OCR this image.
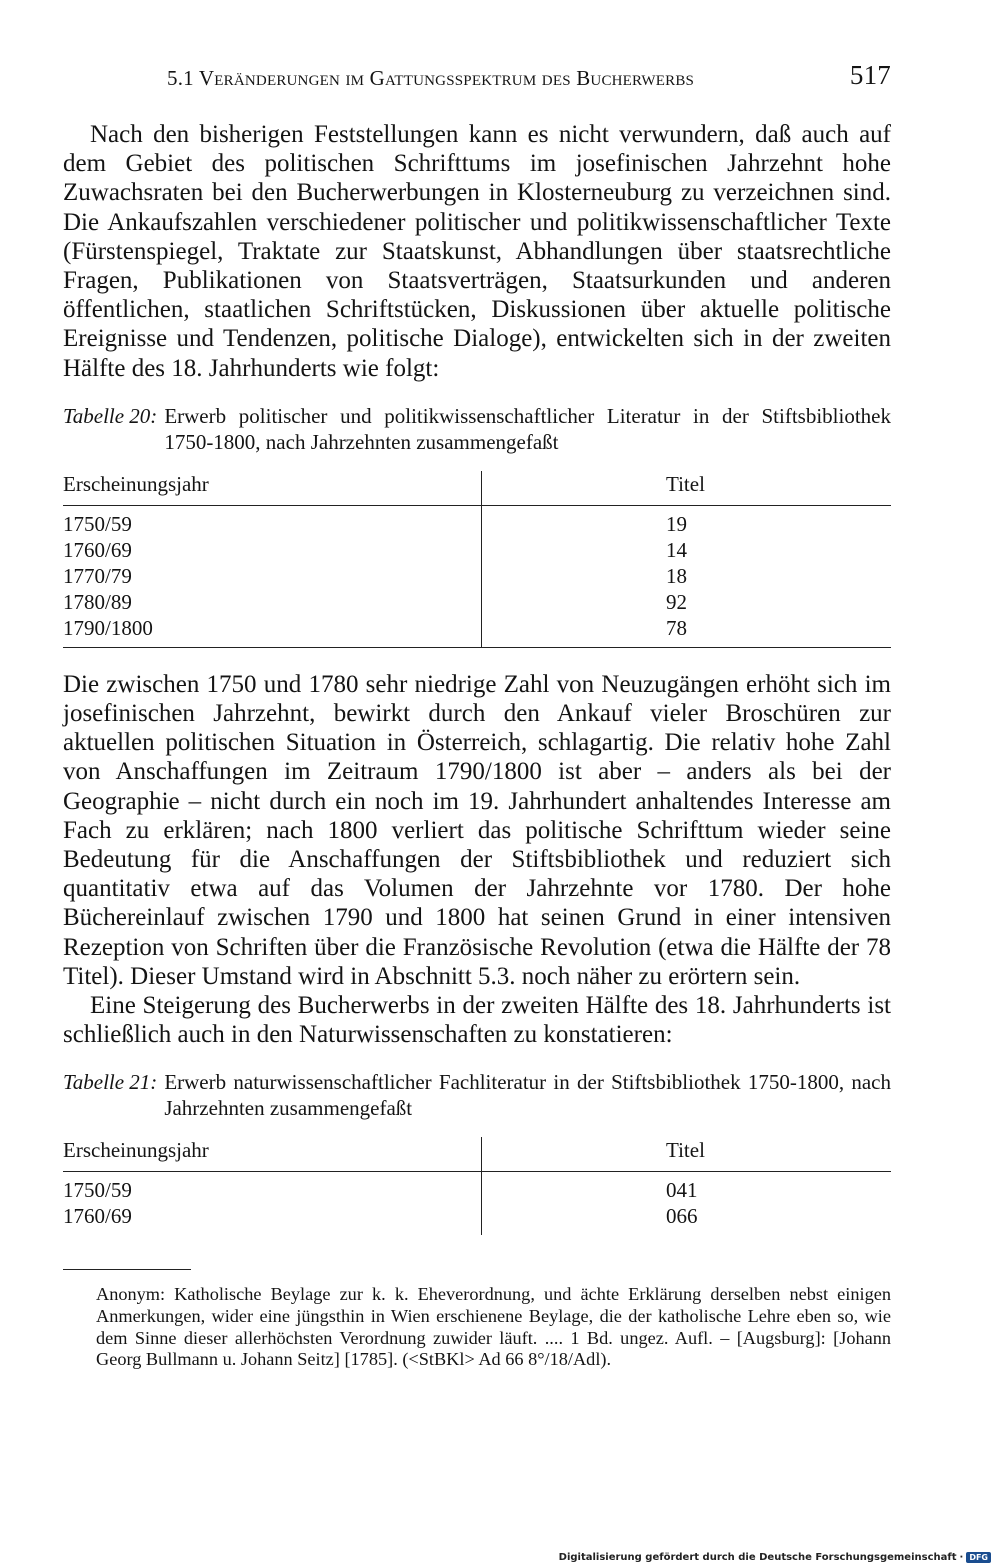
5.1 Veränderungen im Gattungsspektrum des Bucherwerbs	517

Nach den bisherigen Feststellungen kann es nicht verwundern, daß auch auf dem Gebiet des politischen Schrifttums im josefinischen Jahrzehnt hohe Zuwachsraten bei den Bucherwerbungen in Klosterneuburg zu verzeichnen sind. Die Ankaufszahlen verschiedener politischer und politikwissenschaftlicher Texte (Fürstenspiegel, Traktate zur Staatskunst, Abhandlungen über staatsrechtliche Fragen, Publikationen von Staatsverträgen, Staatsurkunden und anderen öffentlichen, staatlichen Schriftstücken, Diskussionen über aktuelle politische Ereignisse und Tendenzen, politische Dialoge), entwickelten sich in der zweiten Hälfte des 18. Jahrhunderts wie folgt:

Tabelle 20: Erwerb politischer und politikwissenschaftlicher Literatur in der Stiftsbibliothek 1750-1800, nach Jahrzehnten zusammengefaßt
Erscheinungsjahr	Titel
1750/59	19
1760/69	14
1770/79	18
1780/89	92
1790/1800	78

Die zwischen 1750 und 1780 sehr niedrige Zahl von Neuzugängen erhöht sich im josefinischen Jahrzehnt, bewirkt durch den Ankauf vieler Broschüren zur aktuellen politischen Situation in Österreich, schlagartig. Die relativ hohe Zahl von Anschaffungen im Zeitraum 1790/1800 ist aber – anders als bei der Geographie – nicht durch ein noch im 19. Jahrhundert anhaltendes Interesse am Fach zu erklären; nach 1800 verliert das politische Schrifttum wieder seine Bedeutung für die Anschaffungen der Stiftsbibliothek und reduziert sich quantitativ etwa auf das Volumen der Jahrzehnte vor 1780. Der hohe Büchereinlauf zwischen 1790 und 1800 hat seinen Grund in einer intensiven Rezeption von Schriften über die Französische Revolution (etwa die Hälfte der 78 Titel). Dieser Umstand wird in Abschnitt 5.3. noch näher zu erörtern sein.

Eine Steigerung des Bucherwerbs in der zweiten Hälfte des 18. Jahrhunderts ist schließlich auch in den Naturwissenschaften zu konstatieren:

Tabelle 21: Erwerb naturwissenschaftlicher Fachliteratur in der Stiftsbibliothek 1750-1800, nach Jahrzehnten zusammengefaßt
Erscheinungsjahr	Titel
1750/59	041
1760/69	066

Anonym: Katholische Beylage zur k. k. Eheverordnung, und ächte Erklärung derselben nebst einigen Anmerkungen, wider eine jüngsthin in Wien erschienene Beylage, die der katholische Lehre eben so, wie dem Sinne dieser allerhöchsten Verordnung zuwider läuft. .... 1 Bd. ungez. Aufl. – [Augsburg]: [Johann Georg Bullmann u. Johann Seitz] [1785]. (<StBKl> Ad 66 8°/18/Adl).

Digitalisierung gefördert durch die Deutsche Forschungsgemeinschaft · DFG
